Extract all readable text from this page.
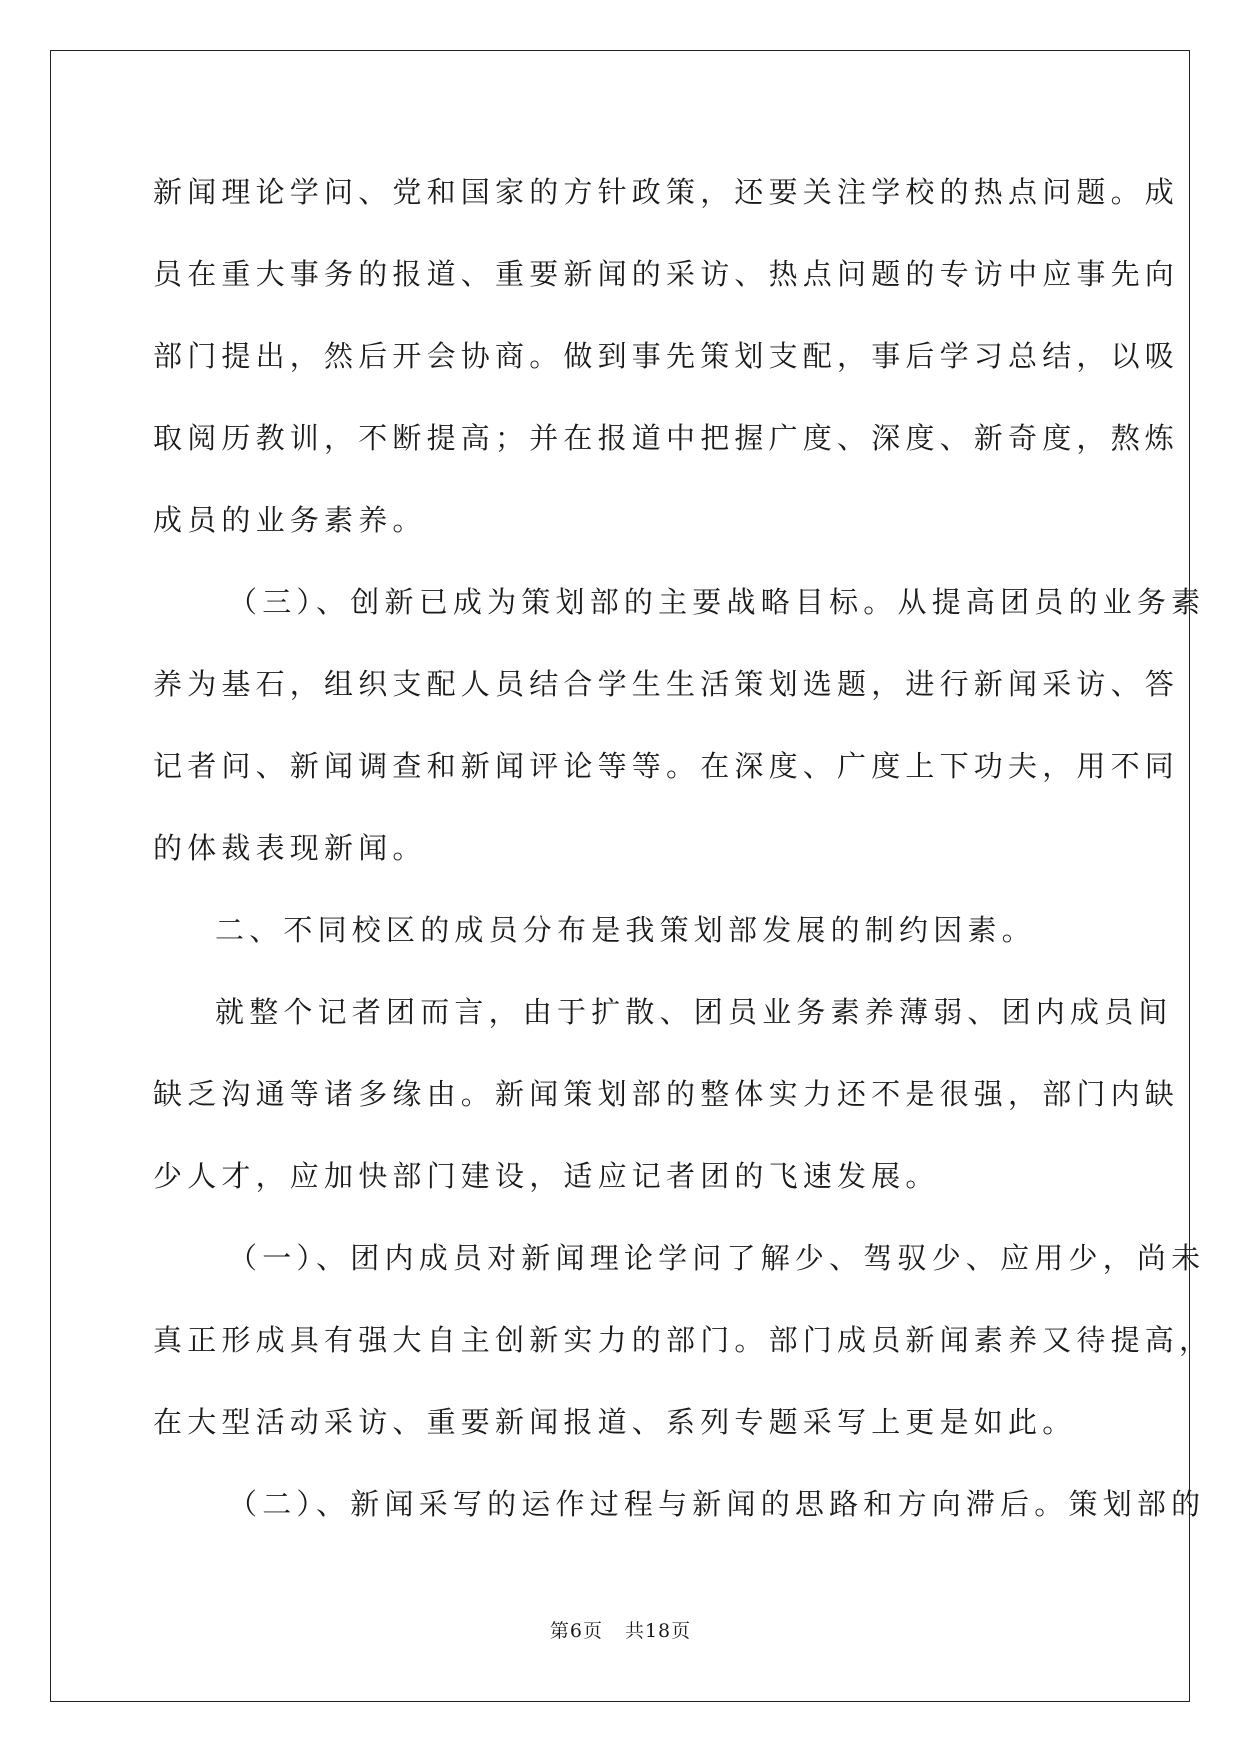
新闻理论学问、党和国家的方针政策，还要关注学校的热点问题。成
员在重大事务的报道、重要新闻的采访、热点问题的专访中应事先向
部门提出，然后开会协商。做到事先策划支配，事后学习总结，以吸
取阅历教训，不断提高；并在报道中把握广度、深度、新奇度，熬炼
成员的业务素养。
（三）、创新已成为策划部的主要战略目标。从提高团员的业务素
养为基石，组织支配人员结合学生生活策划选题，进行新闻采访、答
记者问、新闻调查和新闻评论等等。在深度、广度上下功夫，用不同
的体裁表现新闻。
二、不同校区的成员分布是我策划部发展的制约因素。
就整个记者团而言，由于扩散、团员业务素养薄弱、团内成员间
缺乏沟通等诸多缘由。新闻策划部的整体实力还不是很强，部门内缺
少人才，应加快部门建设，适应记者团的飞速发展。
（一）、团内成员对新闻理论学问了解少、驾驭少、应用少，尚未
真正形成具有强大自主创新实力的部门。部门成员新闻素养又待提高，
在大型活动采访、重要新闻报道、系列专题采写上更是如此。
（二）、新闻采写的运作过程与新闻的思路和方向滞后。策划部的
第6页 共18页
